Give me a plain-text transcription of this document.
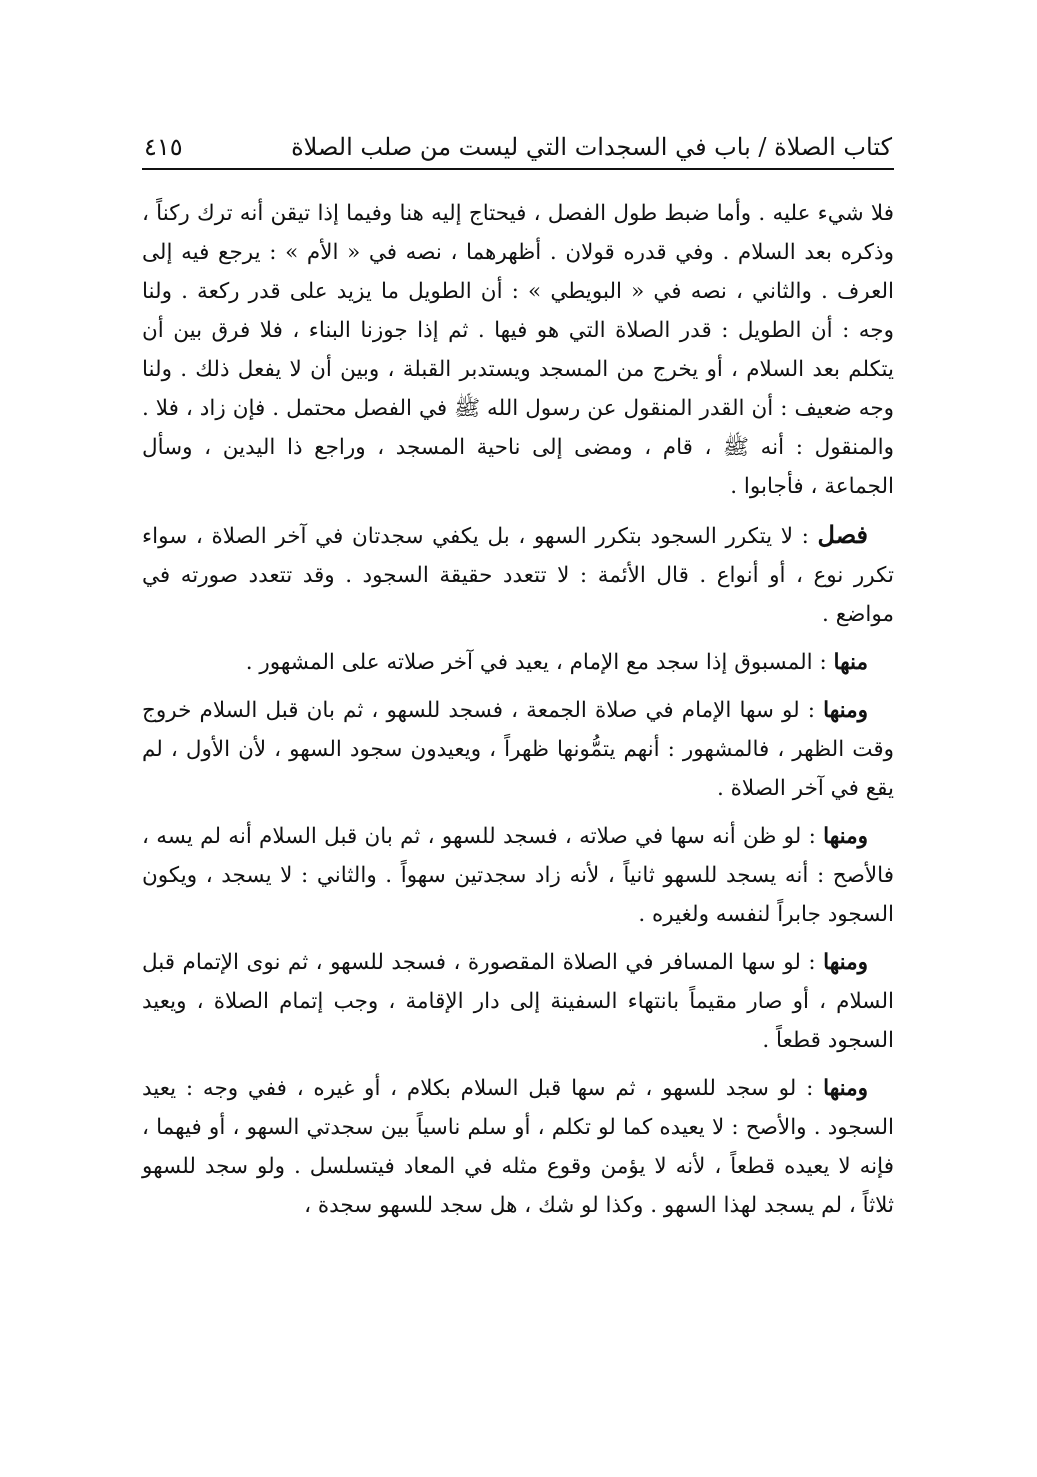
كتاب الصلاة / باب في السجدات التي ليست من صلب الصلاة
٤١٥

فلا شيء عليه . وأما ضبط طول الفصل ، فيحتاج إليه هنا وفيما إذا تيقن أنه ترك ركناً ، وذكره بعد السلام . وفي قدره قولان . أظهرهما ، نصه في « الأم » : يرجع فيه إلى العرف . والثاني ، نصه في « البويطي » : أن الطويل ما يزيد على قدر ركعة . ولنا وجه : أن الطويل : قدر الصلاة التي هو فيها . ثم إذا جوزنا البناء ، فلا فرق بين أن يتكلم بعد السلام ، أو يخرج من المسجد ويستدبر القبلة ، وبين أن لا يفعل ذلك . ولنا وجه ضعيف : أن القدر المنقول عن رسول الله ﷺ في الفصل محتمل . فإن زاد ، فلا . والمنقول : أنه ﷺ ، قام ، ومضى إلى ناحية المسجد ، وراجع ذا اليدين ، وسأل الجماعة ، فأجابوا .

فصل : لا يتكرر السجود بتكرر السهو ، بل يكفي سجدتان في آخر الصلاة ، سواء تكرر نوع ، أو أنواع . قال الأئمة : لا تتعدد حقيقة السجود . وقد تتعدد صورته في مواضع .

منها : المسبوق إذا سجد مع الإمام ، يعيد في آخر صلاته على المشهور .

ومنها : لو سها الإمام في صلاة الجمعة ، فسجد للسهو ، ثم بان قبل السلام خروج وقت الظهر ، فالمشهور : أنهم يتمُّونها ظهراً ، ويعيدون سجود السهو ، لأن الأول ، لم يقع في آخر الصلاة .

ومنها : لو ظن أنه سها في صلاته ، فسجد للسهو ، ثم بان قبل السلام أنه لم يسه ، فالأصح : أنه يسجد للسهو ثانياً ، لأنه زاد سجدتين سهواً . والثاني : لا يسجد ، ويكون السجود جابراً لنفسه ولغيره .

ومنها : لو سها المسافر في الصلاة المقصورة ، فسجد للسهو ، ثم نوى الإتمام قبل السلام ، أو صار مقيماً بانتهاء السفينة إلى دار الإقامة ، وجب إتمام الصلاة ، ويعيد السجود قطعاً .

ومنها : لو سجد للسهو ، ثم سها قبل السلام بكلام ، أو غيره ، ففي وجه : يعيد السجود . والأصح : لا يعيده كما لو تكلم ، أو سلم ناسياً بين سجدتي السهو ، أو فيهما ، فإنه لا يعيده قطعاً ، لأنه لا يؤمن وقوع مثله في المعاد فيتسلسل . ولو سجد للسهو ثلاثاً ، لم يسجد لهذا السهو . وكذا لو شك ، هل سجد للسهو سجدة ،
